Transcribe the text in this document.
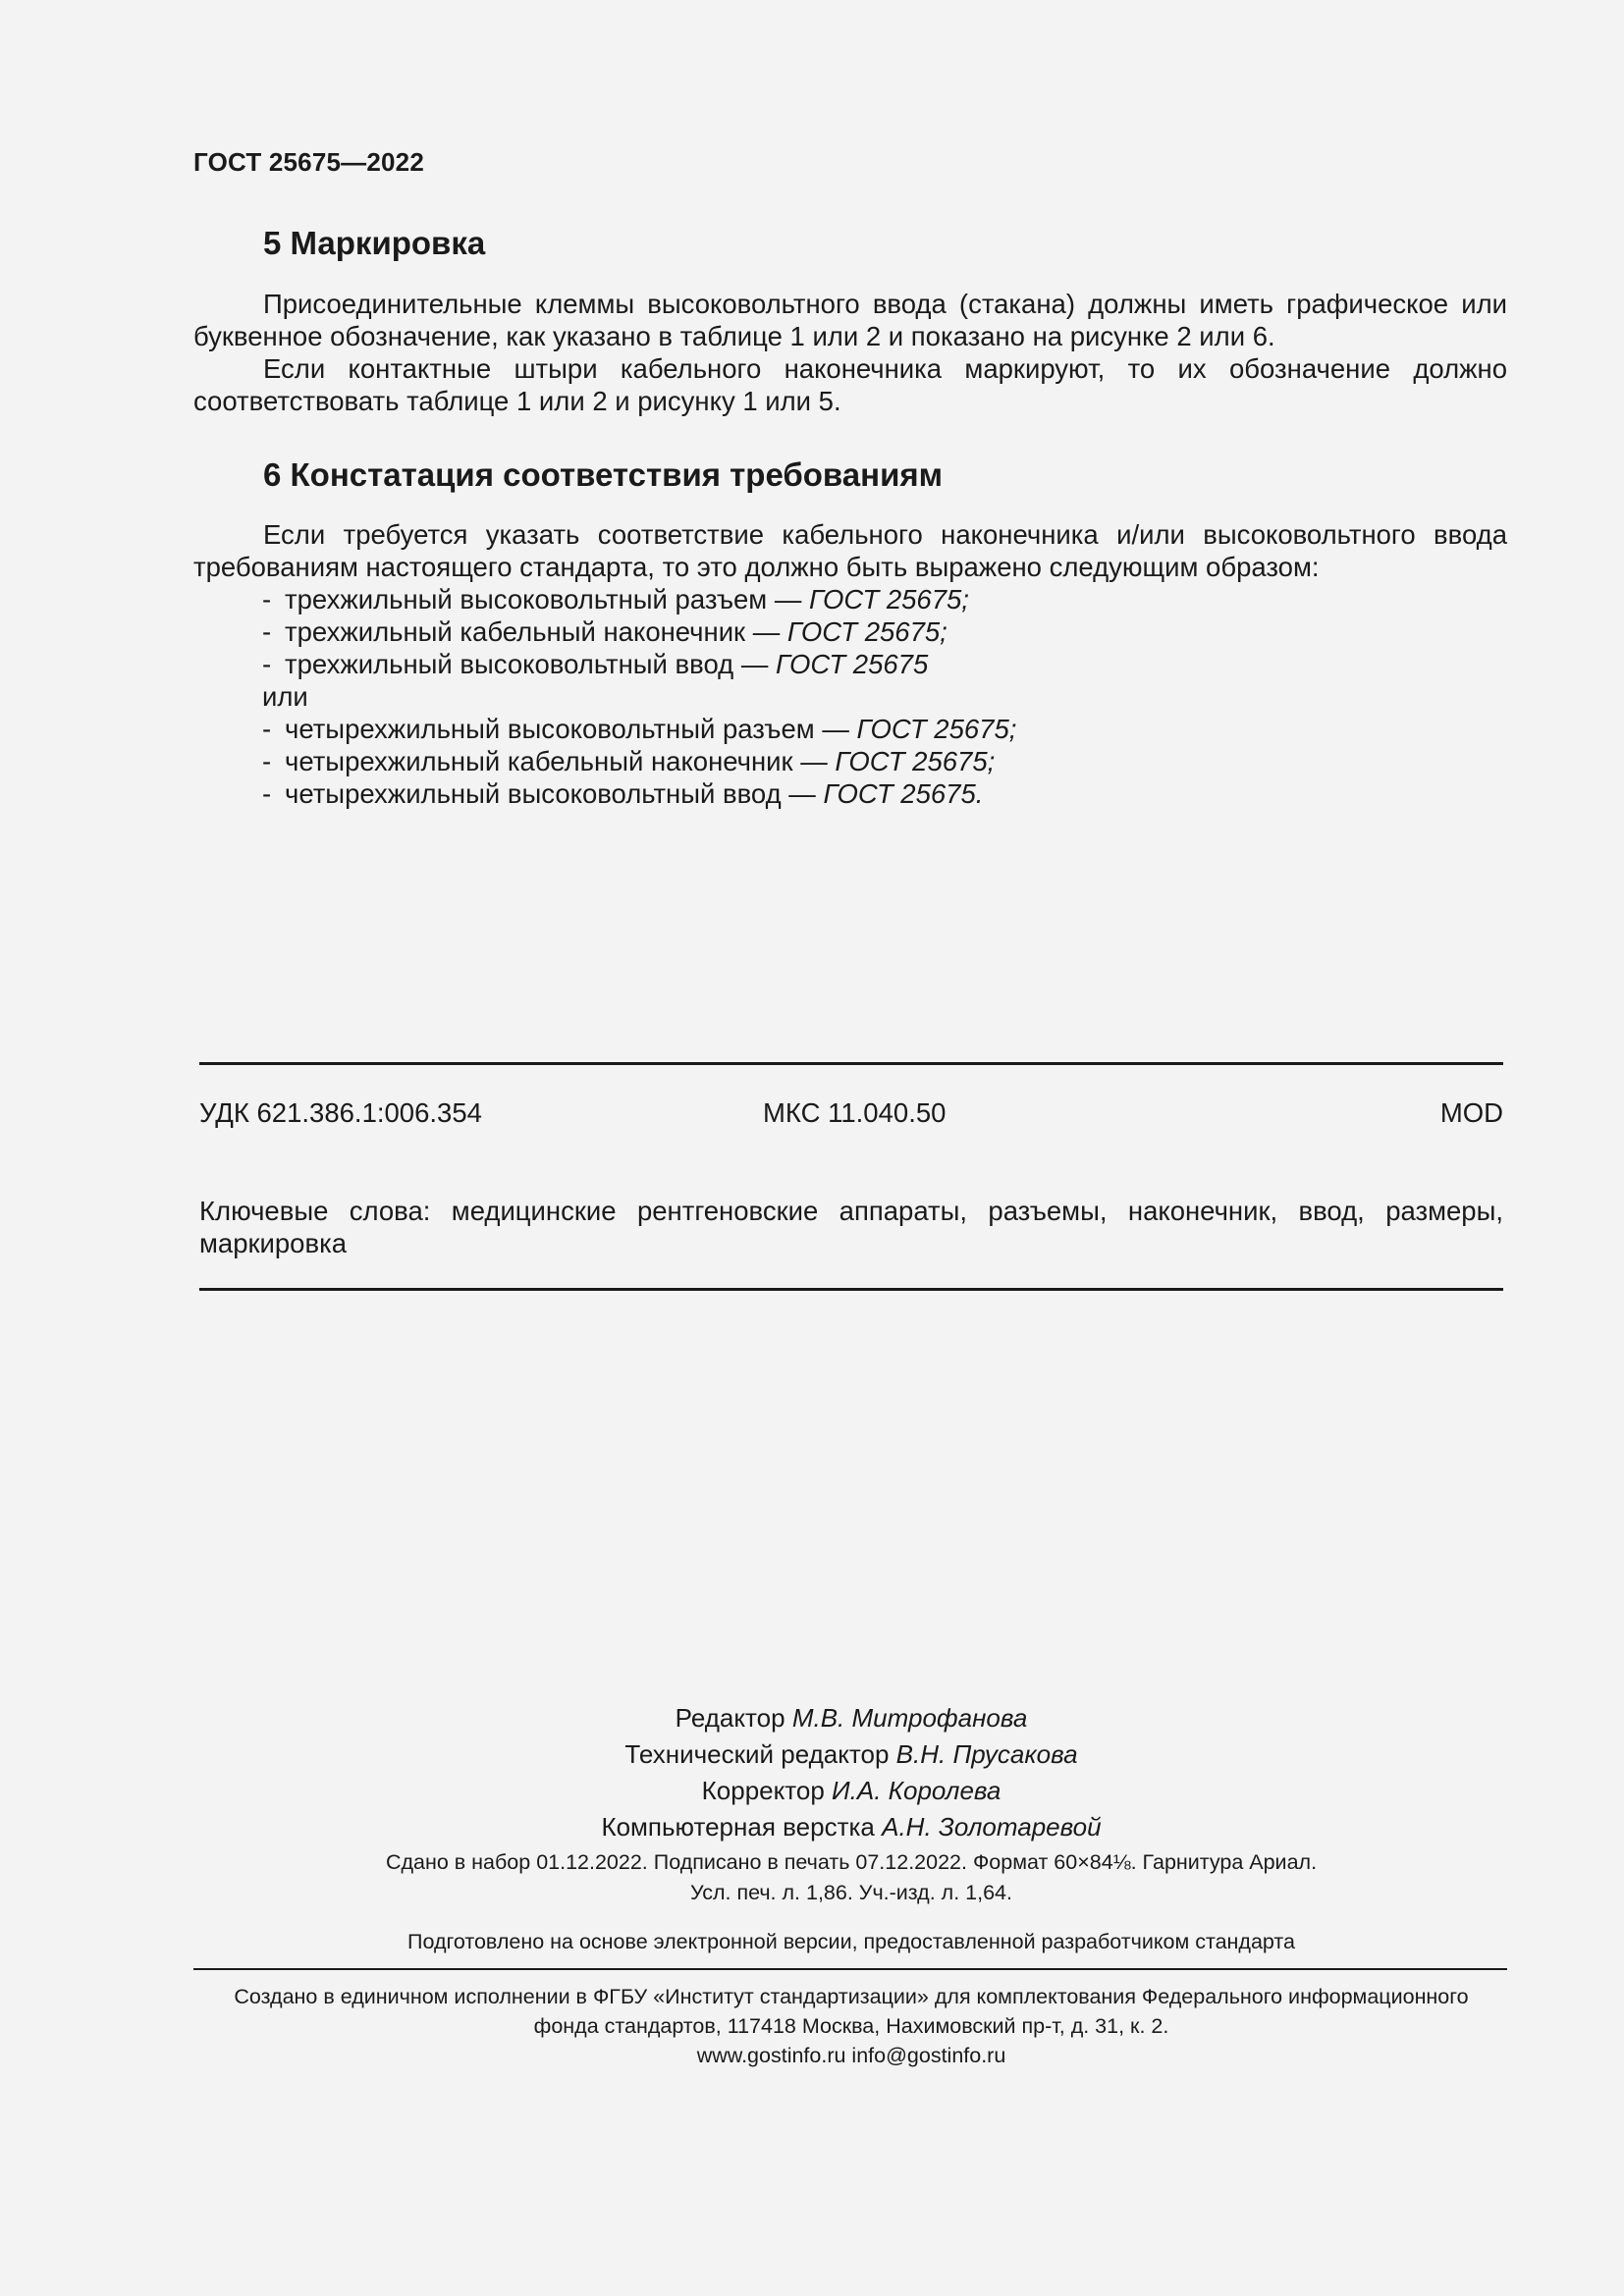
ГОСТ 25675—2022
5 Маркировка
Присоединительные клеммы высоковольтного ввода (стакана) должны иметь графическое или буквенное обозначение, как указано в таблице 1 или 2 и показано на рисунке 2 или 6.
Если контактные штыри кабельного наконечника маркируют, то их обозначение должно соответствовать таблице 1 или 2 и рисунку 1 или 5.
6 Констатация соответствия требованиям
Если требуется указать соответствие кабельного наконечника и/или высоковольтного ввода требованиям настоящего стандарта, то это должно быть выражено следующим образом:
- трехжильный высоковольтный разъем — ГОСТ 25675;
- трехжильный кабельный наконечник — ГОСТ 25675;
- трехжильный высоковольтный ввод — ГОСТ 25675
или
- четырехжильный высоковольтный разъем — ГОСТ 25675;
- четырехжильный кабельный наконечник — ГОСТ 25675;
- четырехжильный высоковольтный ввод — ГОСТ 25675.
УДК 621.386.1:006.354	МКС 11.040.50	MOD
Ключевые слова: медицинские рентгеновские аппараты, разъемы, наконечник, ввод, размеры, маркировка
Редактор М.В. Митрофанова
Технический редактор В.Н. Прусакова
Корректор И.А. Королева
Компьютерная верстка А.Н. Золотаревой
Сдано в набор 01.12.2022. Подписано в печать 07.12.2022. Формат 60×84⅛. Гарнитура Ариал.
Усл. печ. л. 1,86. Уч.-изд. л. 1,64.
Подготовлено на основе электронной версии, предоставленной разработчиком стандарта
Создано в единичном исполнении в ФГБУ «Институт стандартизации» для комплектования Федерального информационного
фонда стандартов, 117418 Москва, Нахимовский пр-т, д. 31, к. 2.
www.gostinfo.ru info@gostinfo.ru
